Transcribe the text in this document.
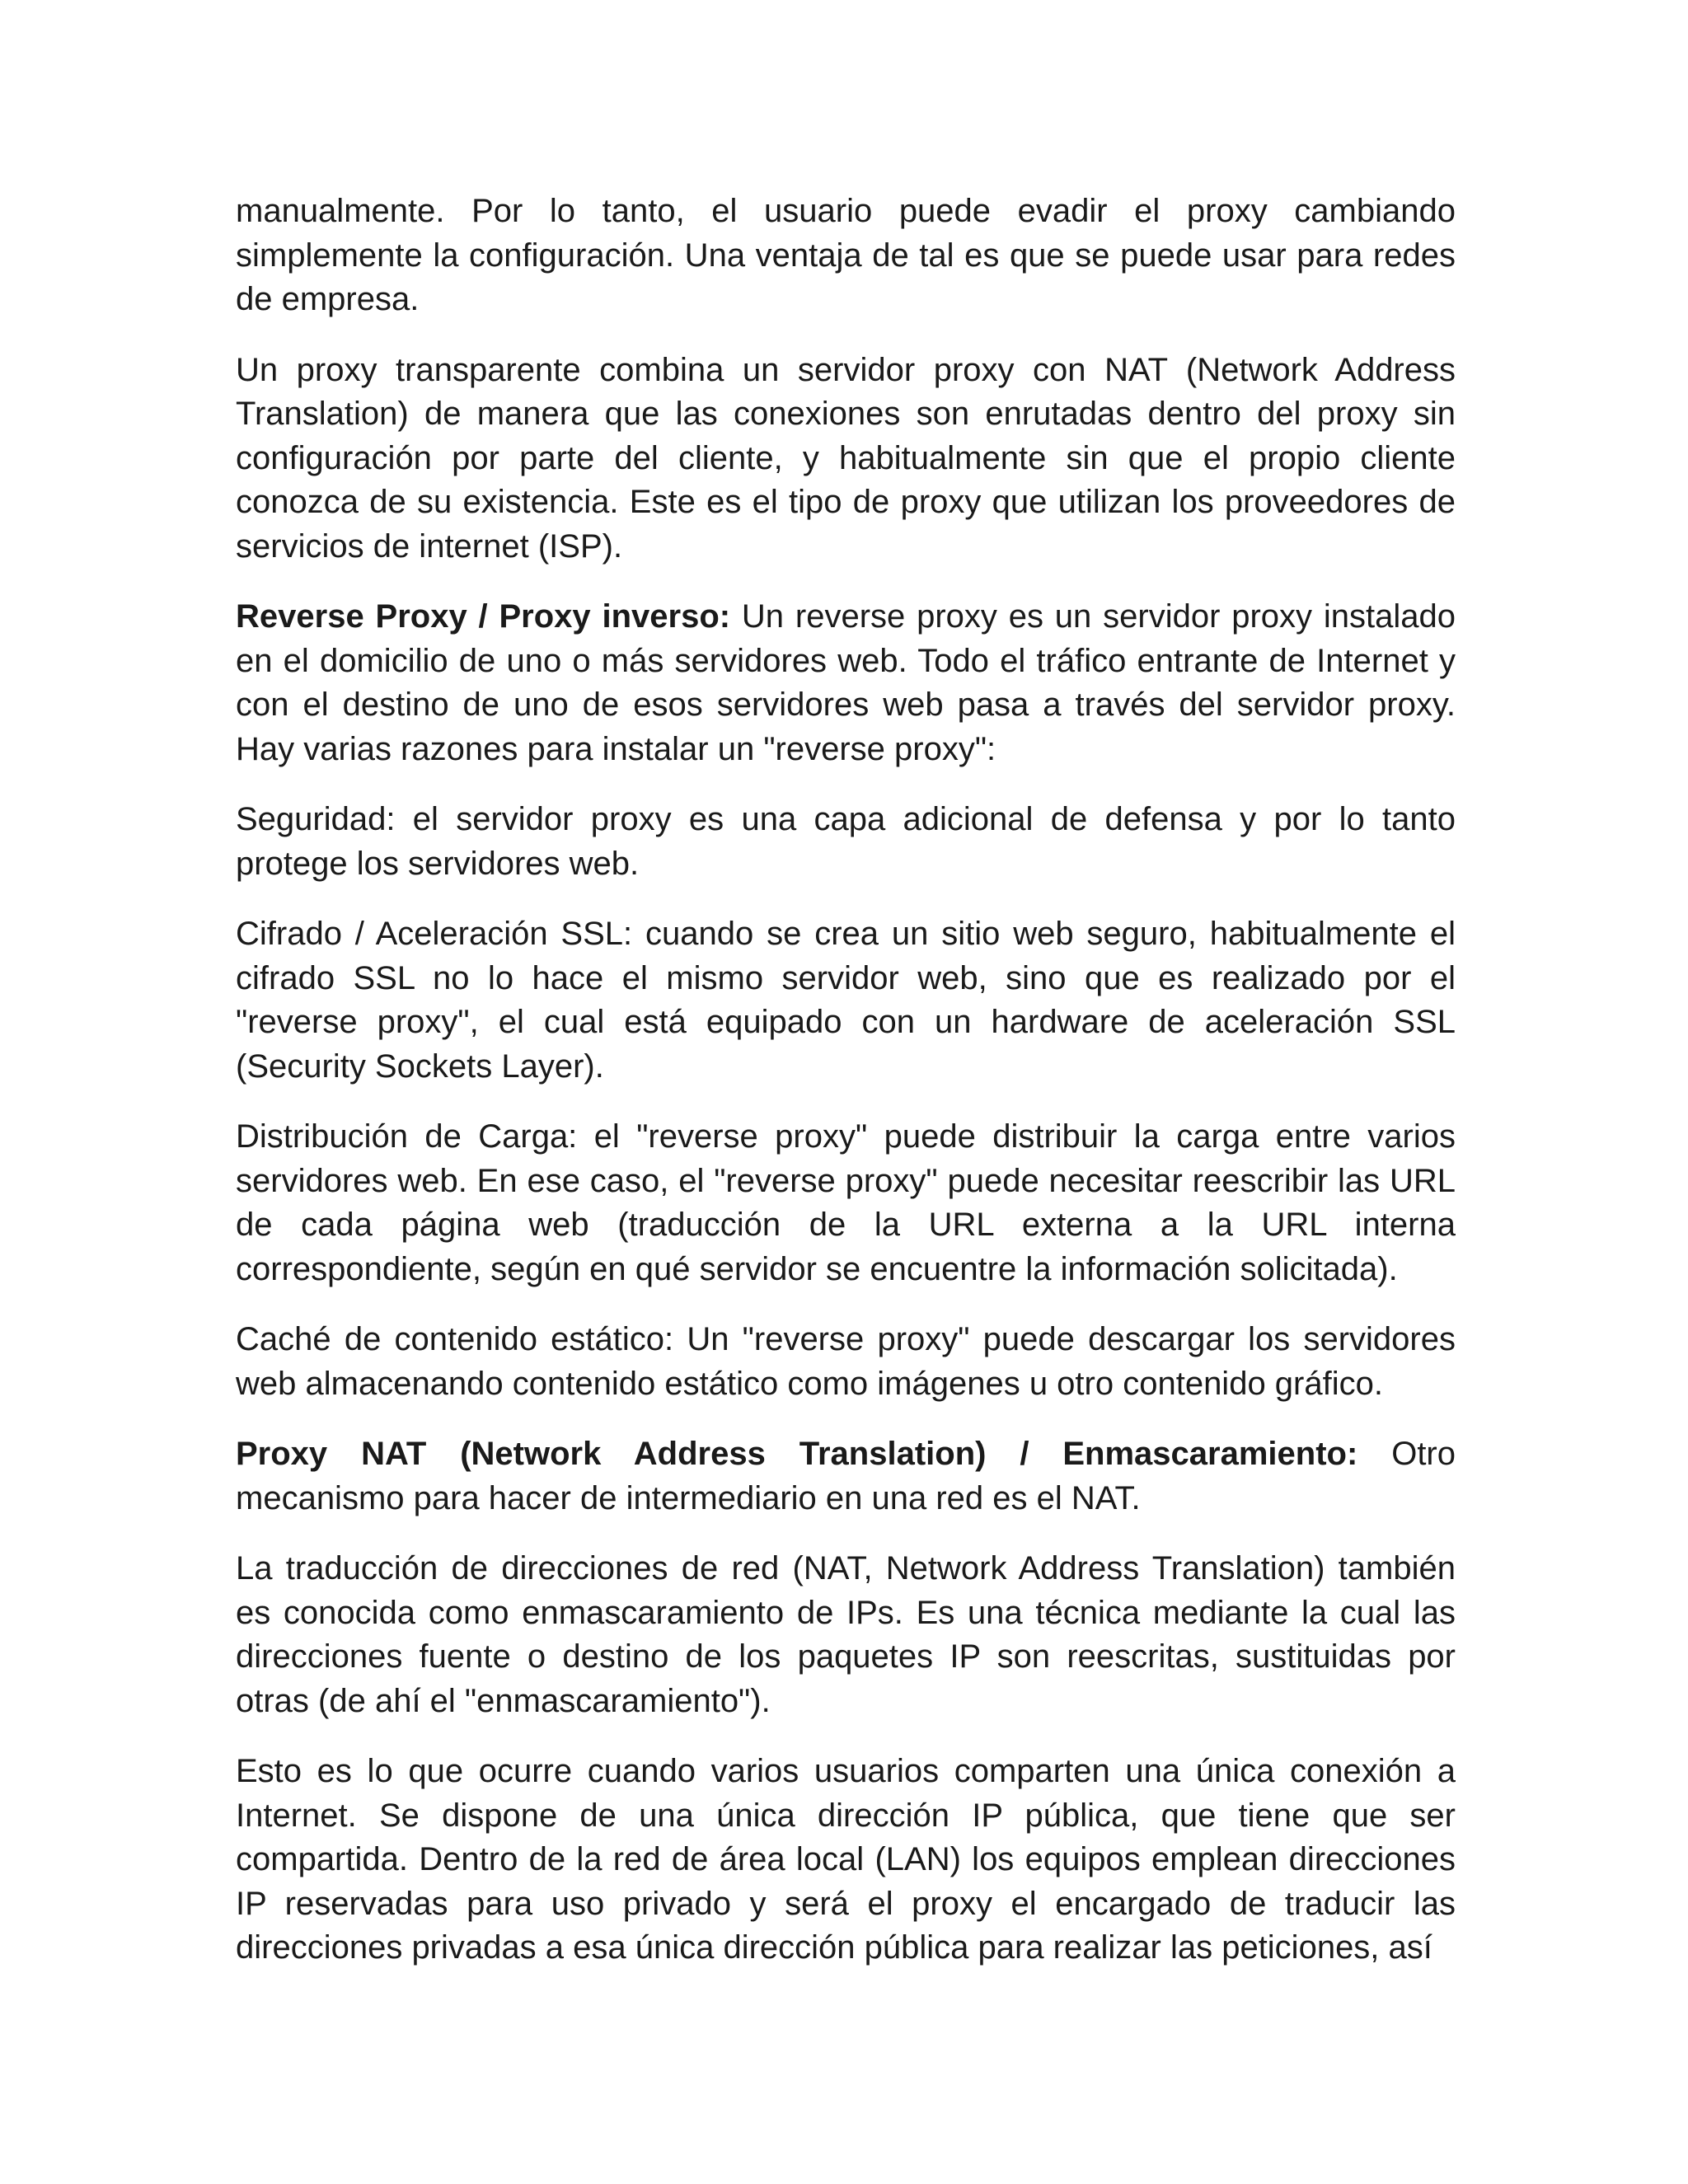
manualmente. Por lo tanto, el usuario puede evadir el proxy cambiando simplemente la configuración. Una ventaja de tal es que se puede usar para redes de empresa.

Un proxy transparente combina un servidor proxy con NAT (Network Address Translation) de manera que las conexiones son enrutadas dentro del proxy sin configuración por parte del cliente, y habitualmente sin que el propio cliente conozca de su existencia. Este es el tipo de proxy que utilizan los proveedores de servicios de internet (ISP).

Reverse Proxy / Proxy inverso: Un reverse proxy es un servidor proxy instalado en el domicilio de uno o más servidores web. Todo el tráfico entrante de Internet y con el destino de uno de esos servidores web pasa a través del servidor proxy. Hay varias razones para instalar un "reverse proxy":

Seguridad: el servidor proxy es una capa adicional de defensa y por lo tanto protege los servidores web.

Cifrado / Aceleración SSL: cuando se crea un sitio web seguro, habitualmente el cifrado SSL no lo hace el mismo servidor web, sino que es realizado por el "reverse proxy", el cual está equipado con un hardware de aceleración SSL (Security Sockets Layer).

Distribución de Carga: el "reverse proxy" puede distribuir la carga entre varios servidores web. En ese caso, el "reverse proxy" puede necesitar reescribir las URL de cada página web (traducción de la URL externa a la URL interna correspondiente, según en qué servidor se encuentre la información solicitada).

Caché de contenido estático: Un "reverse proxy" puede descargar los servidores web almacenando contenido estático como imágenes u otro contenido gráfico.

Proxy NAT (Network Address Translation) / Enmascaramiento: Otro mecanismo para hacer de intermediario en una red es el NAT.

La traducción de direcciones de red (NAT, Network Address Translation) también es conocida como enmascaramiento de IPs. Es una técnica mediante la cual las direcciones fuente o destino de los paquetes IP son reescritas, sustituidas por otras (de ahí el "enmascaramiento").

Esto es lo que ocurre cuando varios usuarios comparten una única conexión a Internet. Se dispone de una única dirección IP pública, que tiene que ser compartida. Dentro de la red de área local (LAN) los equipos emplean direcciones IP reservadas para uso privado y será el proxy el encargado de traducir las direcciones privadas a esa única dirección pública para realizar las peticiones, así
